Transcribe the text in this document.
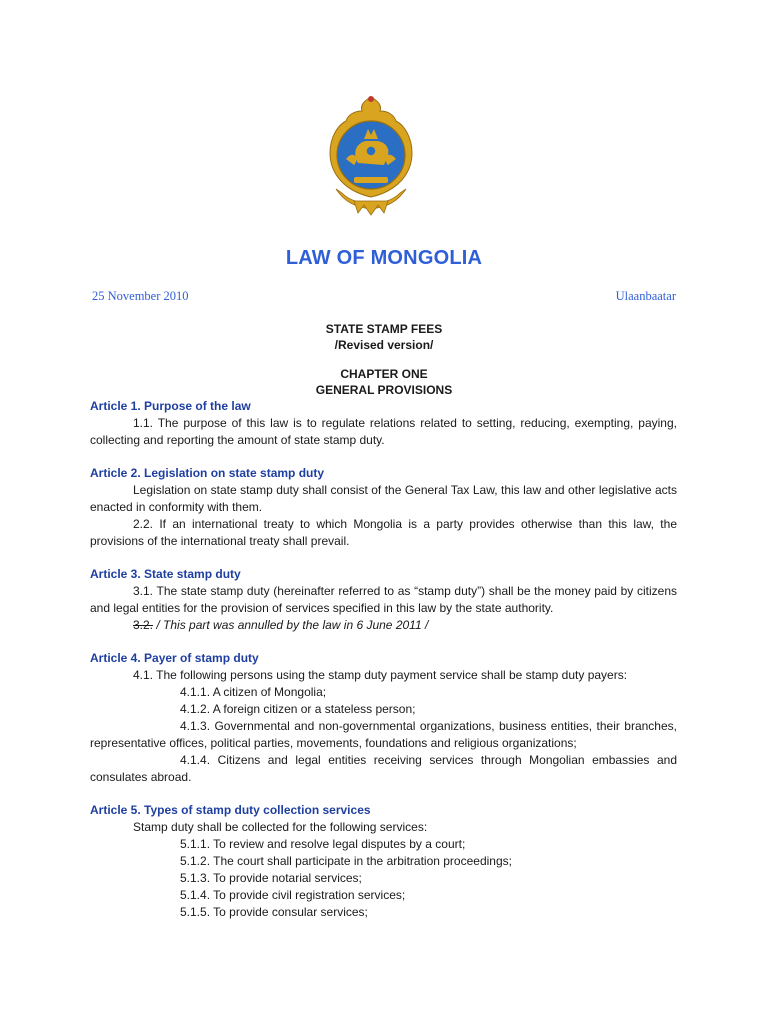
LAW OF MONGOLIA
25 November 2010	Ulaanbaatar
STATE STAMP FEES
/Revised version/
CHAPTER ONE
GENERAL PROVISIONS

Article 1. Purpose of the law

1.1. The purpose of this law is to regulate relations related to setting, reducing, exempting, paying, collecting and reporting the amount of state stamp duty.

Article 2. Legislation on state stamp duty

Legislation on state stamp duty shall consist of the General Tax Law, this law and other legislative acts enacted in conformity with them.

2.2. If an international treaty to which Mongolia is a party provides otherwise than this law, the provisions of the international treaty shall prevail.

Article 3. State stamp duty

3.1. The state stamp duty (hereinafter referred to as “stamp duty”) shall be the money paid by citizens and legal entities for the provision of services specified in this law by the state authority.

3.2. / This part was annulled by the law in 6 June 2011 /

Article 4. Payer of stamp duty

4.1. The following persons using the stamp duty payment service shall be stamp duty payers:

4.1.1. A citizen of Mongolia;

4.1.2. A foreign citizen or a stateless person;

4.1.3. Governmental and non-governmental organizations, business entities, their branches, representative offices, political parties, movements, foundations and religious organizations;

4.1.4. Citizens and legal entities receiving services through Mongolian embassies and consulates abroad.

Article 5. Types of stamp duty collection services

Stamp duty shall be collected for the following services:

5.1.1. To review and resolve legal disputes by a court;

5.1.2. The court shall participate in the arbitration proceedings;

5.1.3. To provide notarial services;

5.1.4. To provide civil registration services;

5.1.5. To provide consular services;
